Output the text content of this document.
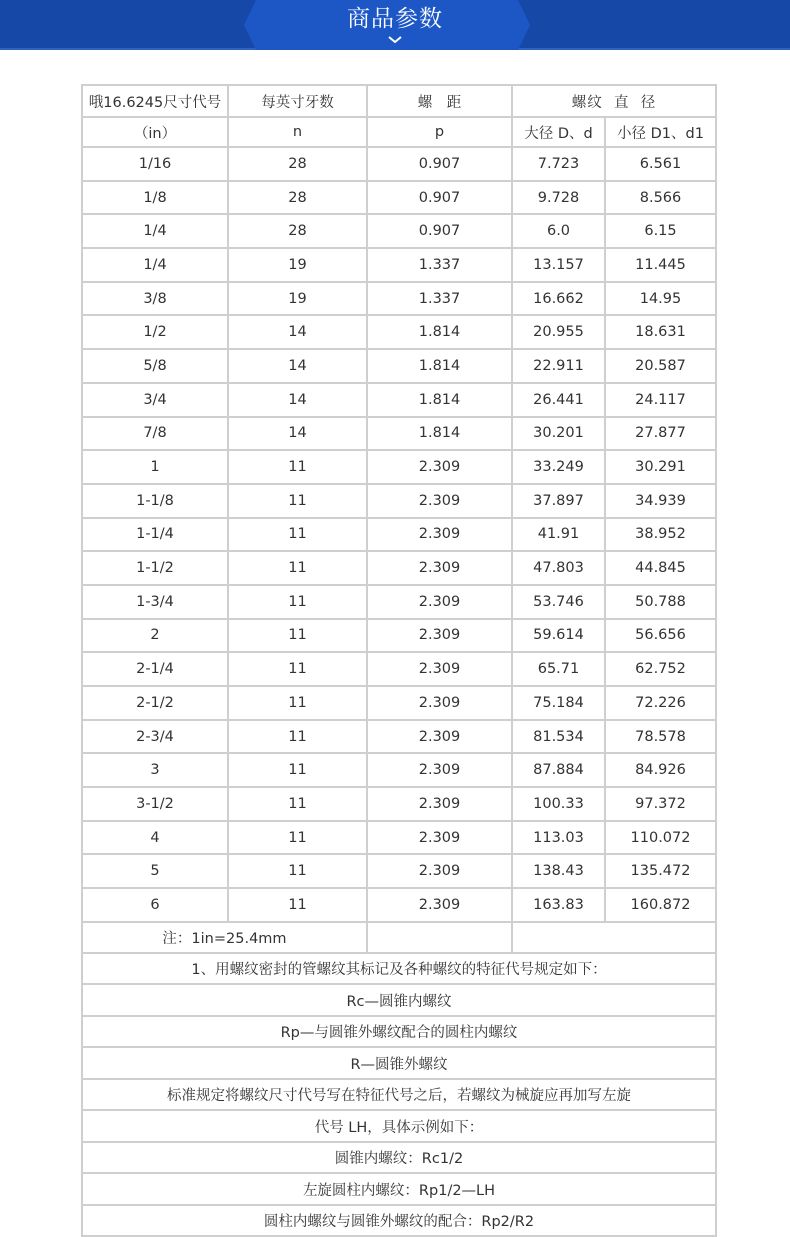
商品参数
哦16.6245尺寸代号	每英寸牙数	螺　距	螺纹  直  径	
（in）	n	p	大径 D、d	小径 D1、d1
1/16	28	0.907	7.723	6.561
1/8	28	0.907	9.728	8.566
1/4	28	0.907	6.0	6.15
1/4	19	1.337	13.157	11.445
3/8	19	1.337	16.662	14.95
1/2	14	1.814	20.955	18.631
5/8	14	1.814	22.911	20.587
3/4	14	1.814	26.441	24.117
7/8	14	1.814	30.201	27.877
1	11	2.309	33.249	30.291
1-1/8	11	2.309	37.897	34.939
1-1/4	11	2.309	41.91	38.952
1-1/2	11	2.309	47.803	44.845
1-3/4	11	2.309	53.746	50.788
2	11	2.309	59.614	56.656
2-1/4	11	2.309	65.71	62.752
2-1/2	11	2.309	75.184	72.226
2-3/4	11	2.309	81.534	78.578
3	11	2.309	87.884	84.926
3-1/2	11	2.309	100.33	97.372
4	11	2.309	113.03	110.072
5	11	2.309	138.43	135.472
6	11	2.309	163.83	160.872
注：1in=25.4mm				
1、用螺纹密封的管螺纹其标记及各种螺纹的特征代号规定如下：				
Rc—圆锥内螺纹				
Rp—与圆锥外螺纹配合的圆柱内螺纹				
R—圆锥外螺纹				
标准规定将螺纹尺寸代号写在特征代号之后，若螺纹为械旋应再加写左旋				
代号 LH，具体示例如下：				
圆锥内螺纹：Rc1/2				
左旋圆柱内螺纹：Rp1/2—LH				
圆柱内螺纹与圆锥外螺纹的配合：Rp2/R2				
